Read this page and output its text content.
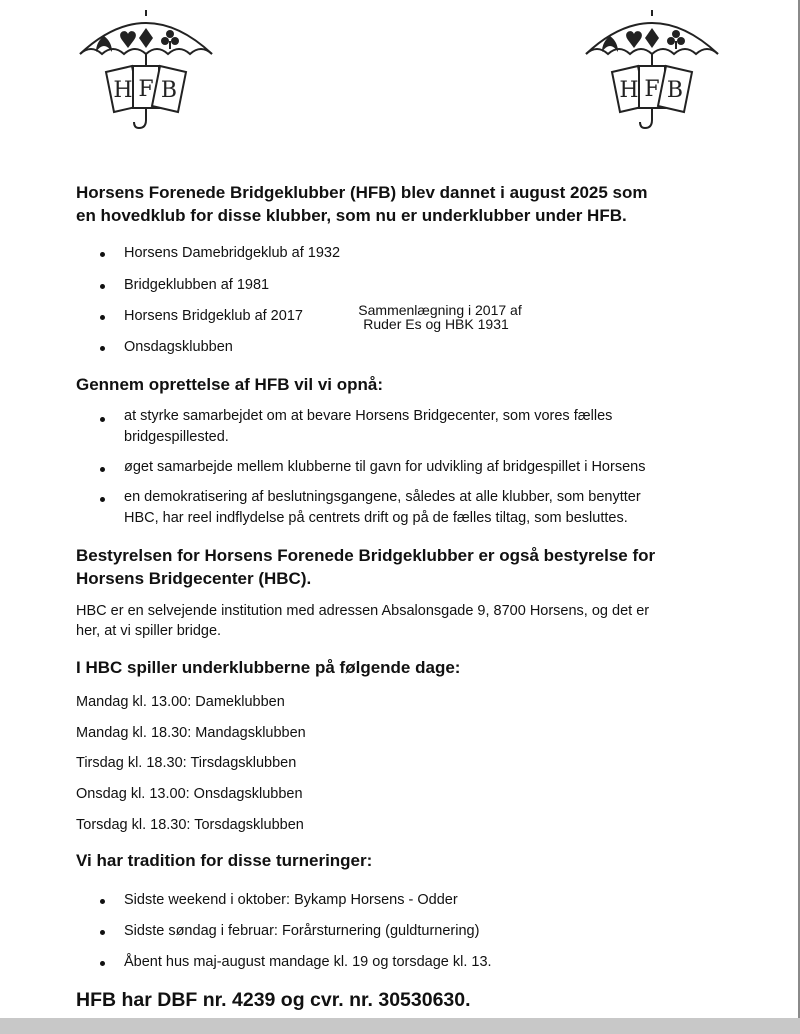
H F B	H F B
Horsens Forenede Bridgeklubber (HFB) blev dannet i august 2025 som
en hovedklub for disse klubber, som nu er underklubber under HFB.
Horsens Damebridgeklub af 1932
Bridgeklubben af 1981
Horsens Bridgeklub af 2017
Onsdagsklubben
Sammenlægning i 2017 af
Ruder Es og HBK 1931
Gennem oprettelse af HFB vil vi opnå:
at styrke samarbejdet om at bevare Horsens Bridgecenter, som vores fælles
bridgespillested.
øget samarbejde mellem klubberne til gavn for udvikling af bridgespillet i Horsens
en demokratisering af beslutningsgangene, således at alle klubber, som benytter
HBC, har reel indflydelse på centrets drift og på de fælles tiltag, som besluttes.
Bestyrelsen for Horsens Forenede Bridgeklubber er også bestyrelse for
Horsens Bridgecenter (HBC).
HBC er en selvejende institution med adressen Absalonsgade 9, 8700 Horsens, og det er
her, at vi spiller bridge.
I HBC spiller underklubberne på følgende dage:
Mandag kl. 13.00: Dameklubben
Mandag kl. 18.30: Mandagsklubben
Tirsdag kl. 18.30: Tirsdagsklubben
Onsdag kl. 13.00: Onsdagsklubben
Torsdag kl. 18.30: Torsdagsklubben
Vi har tradition for disse turneringer:
Sidste weekend i oktober: Bykamp Horsens - Odder
Sidste søndag i februar: Forårsturnering (guldturnering)
Åbent hus maj-august mandage kl. 19 og torsdage kl. 13.
HFB har DBF nr. 4239 og cvr. nr. 30530630.
